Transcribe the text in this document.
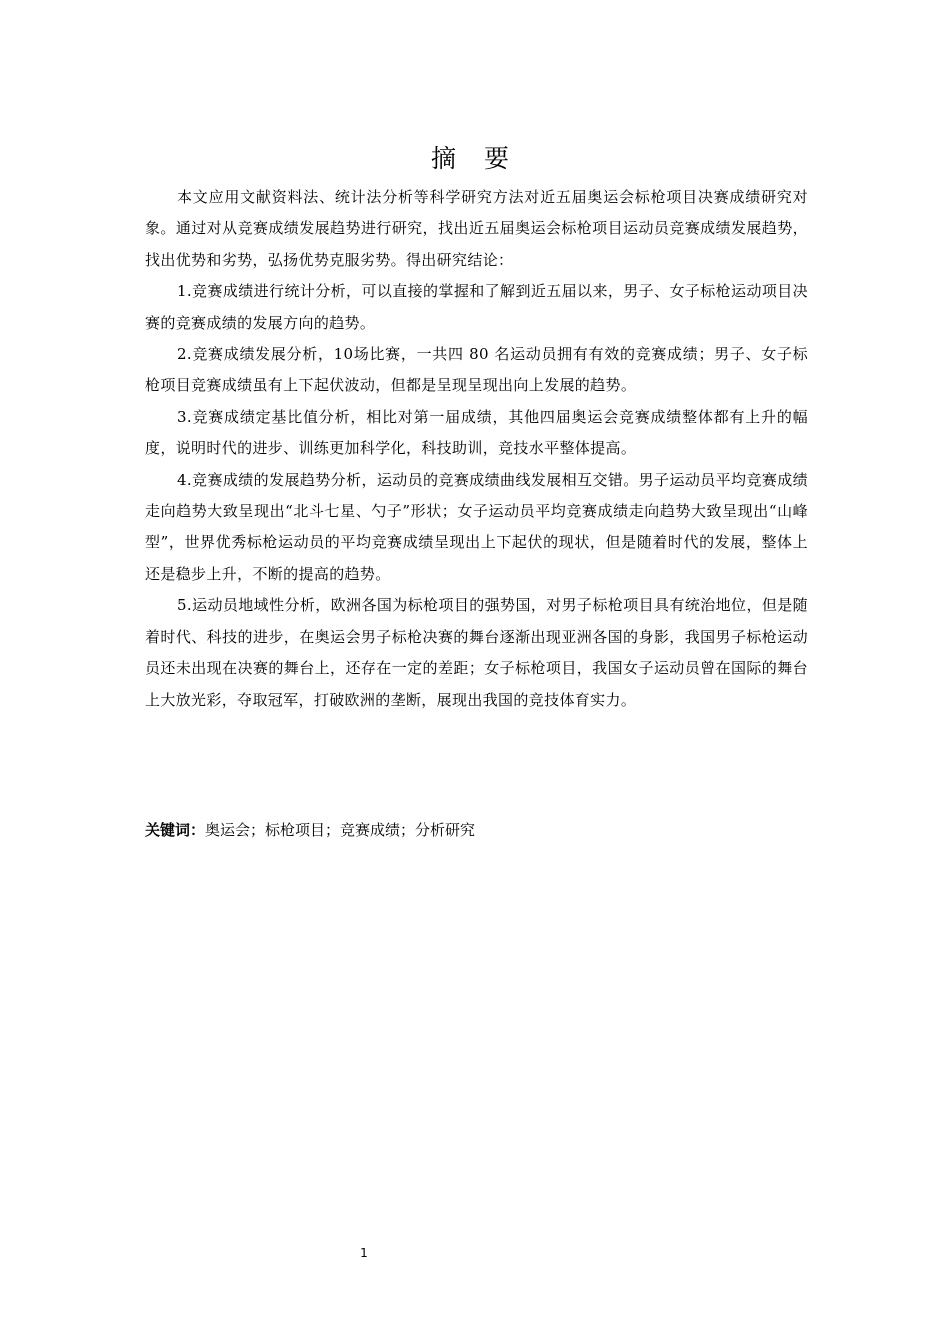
摘 要

本文应用文献资料法、统计法分析等科学研究方法对近五届奥运会标枪项目决赛成绩研究对象。通过对从竞赛成绩发展趋势进行研究，找出近五届奥运会标枪项目运动员竞赛成绩发展趋势，找出优势和劣势，弘扬优势克服劣势。得出研究结论：

1.竞赛成绩进行统计分析，可以直接的掌握和了解到近五届以来，男子、女子标枪运动项目决赛的竞赛成绩的发展方向的趋势。

2.竞赛成绩发展分析，10场比赛，一共四 80 名运动员拥有有效的竞赛成绩；男子、女子标枪项目竞赛成绩虽有上下起伏波动，但都是呈现呈现出向上发展的趋势。

3.竞赛成绩定基比值分析，相比对第一届成绩，其他四届奥运会竞赛成绩整体都有上升的幅度，说明时代的进步、训练更加科学化，科技助训，竞技水平整体提高。

4.竞赛成绩的发展趋势分析，运动员的竞赛成绩曲线发展相互交错。男子运动员平均竞赛成绩走向趋势大致呈现出“北斗七星、勺子”形状；女子运动员平均竞赛成绩走向趋势大致呈现出“山峰型”，世界优秀标枪运动员的平均竞赛成绩呈现出上下起伏的现状，但是随着时代的发展，整体上还是稳步上升，不断的提高的趋势。

5.运动员地域性分析，欧洲各国为标枪项目的强势国，对男子标枪项目具有统治地位，但是随着时代、科技的进步，在奥运会男子标枪决赛的舞台逐渐出现亚洲各国的身影，我国男子标枪运动员还未出现在决赛的舞台上，还存在一定的差距；女子标枪项目，我国女子运动员曾在国际的舞台上大放光彩，夺取冠军，打破欧洲的垄断，展现出我国的竞技体育实力。

关键词：奥运会；标枪项目；竞赛成绩；分析研究
1
